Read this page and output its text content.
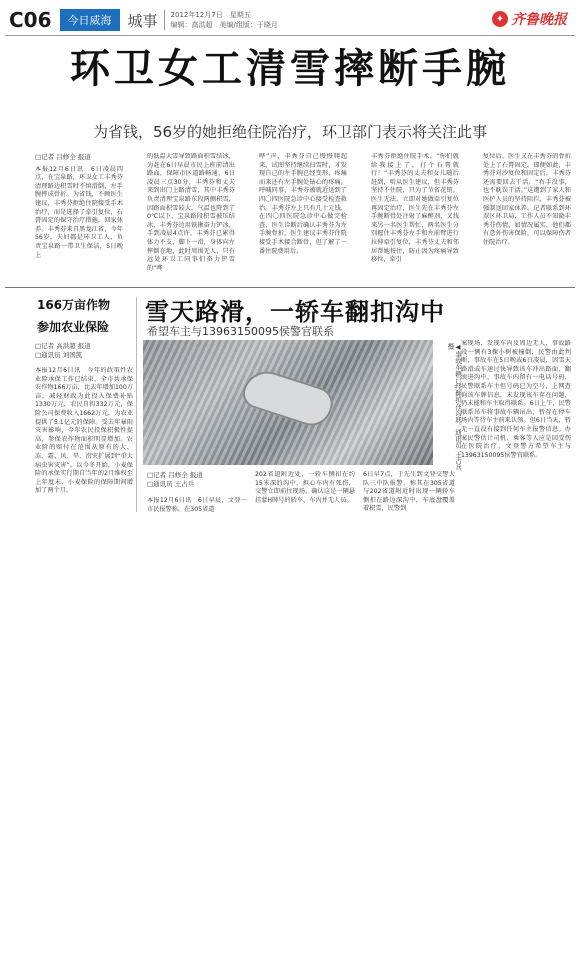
C06	今日威海	城事 2012年12月7日　星期五
编辑：高洪超　美编/组版：于晓月
✦ 齐鲁晚报
环卫女工清雪摔断手腕
为省钱，56岁的她拒绝住院治疗，环卫部门表示将关注此事
□记者 吕修全 报道
本报12月6日讯　6日凌晨四点，在宝泉路，环卫女工丰秀芬清理路边积雪时不慎滑倒，左手腕摔成骨折。为省钱，不顾医生建议，丰秀芬拒绝住院接受手术治疗，而是选择了牵引复位，石膏固定的保守治疗措施，回家休养。丰秀芬来自黑龙江省，今年56岁，夫妇都是环卫工人，负责宝泉路一带卫生保洁，5日晚上
的低温大雪导致路面积雪结冰，为赶在6日早晨市民上班前清出路面，保障市区道路畅通，6日凌晨三点30分，丰秀芬和丈夫来到出门上路清雪，其中丰秀芬负责清理宝泉路东段两侧积雪，因路面积雪较大，气温也降到了0℃以下，宝泉路段积雪被压结冰，丰秀芬边用铁锹奋力铲冰，手到凌晨4点许，丰秀芬已累得体力不支，脚下一滑，身体向左摔倒在地，此时周围无人，只有远处环卫工同事们奋力铲雪的“哗
哗”声，丰秀芬自己慢慢爬起来，试图坚持继续扫雪时，才发现自己的左手腕已经变形，疼痛而来还有左手腕处钻心的疼痛。呼喊同事，丰秀芬被就近送到了四〇四医院急诊中心接受检查救治。丰秀芬左上只有几十元钱，在四〇四医院急诊中心做完检查，医生诊断后确认丰秀芬为左手腕骨折，医生建议丰秀芬住院接受手术接合断骨，但了解了一番住院费用后，
丰秀芬拒绝住院手术。“你们就给我接上了，打个石膏就行！”丰秀芬的丈夫和女儿随后赶到，听从医生建议，但丰秀芬坚持不住院，只为了节省花销。医生无法，立即对她做牵引复位再固定治疗，医生先在丰秀芬左手腕断骨处注射了麻醉剂，又找来另一名医生帮忙，两名医生分别握住丰秀芬左手和左前臂进行拉伸牵引复位，丰秀芬丈夫和邻居帮她按住，防止因为疼痛导致移位，牵引
复位后，医生又在丰秀芬的骨折处上了石膏固定。即便如此，丰秀芬对沙复位和固定后，丰秀芬还需要回去干活，“右手没事，也不耽误干活。”这遭到了家人和医护人员的坚持阻拦，丰秀芬被强制送回家休养。记者联系到环翠区环卫局，工作人员不知晓丰秀芬伤情，如情况属实，他们都有意外伤害保险，可以保障伤者住院治疗。
166万亩作物
参加农业保险
□记者 高洪超 报道
□通讯员 刘国凯
本报12月6日讯　今年的政策性农业险承保工作已结束，全市共承保农作物166万亩，比去年增加100万亩，减轻财政为此投入保费补贴1330万元，农民自担332万元，保险公司保费收入1662万元，为农业提供了5.1亿元的保障。受去年暴雨灾害影响，今年农民投保积极性提高，参保农作物面积明显增加。农业险的赔付在范围从原有的大、冻、霜、风、旱、涝灾扩展到“重大病虫害灾害”。以今冬开始，小麦保险的承保实行期自当年的2月维权至上年度末，小麦保险的保障期间增加了两个月。
雪天路滑，一轿车翻扣沟中
希望车主与13963150095侯警官联系
◀事故车辆已经翻扣在沟底。通讯员 王占兵 摄
□记者 吕修全 报道
□通讯员 王占兵
本报12月6日讯　6日早晨，文登一市民报警称，在305省道
202省道附近处，一轿车侧扣在约15米深的沟中，担心车内有死伤，交警立即前往现场。确认这是一辆悬挂蒙H牌号的轿车，车内并无人员。
6日早7点，于先生到文登交警大队三中队报警，称其在305省道与202省道附近时出现一辆轿车侧扣在路边深沟中，车底盘覆盖着积雪，民警到
案现场，发现车内及周边无人，事故路段一侧有3棵小树被撞倒，民警由此判断，事故车在5日晚或6日凌晨，因雪天路滑或车速过快导致该车冲出路面、翻滚进沟中。事故车内留有一电话号码，民警联系车主但号码已为空号，上网查询该车牌信息，未发现该车存在问题，仍未能和车主取得联系。6日上午，民警联系吊车将事故车辆吊出，暂存在停车场内等待车主前来认领。但6日当天，暂无一直没有接到任何车主报警信息。办案民警估计司机、乘客等人应是回受伤在医院治疗，文登警方希望车主与13963150095侯警官联系。
